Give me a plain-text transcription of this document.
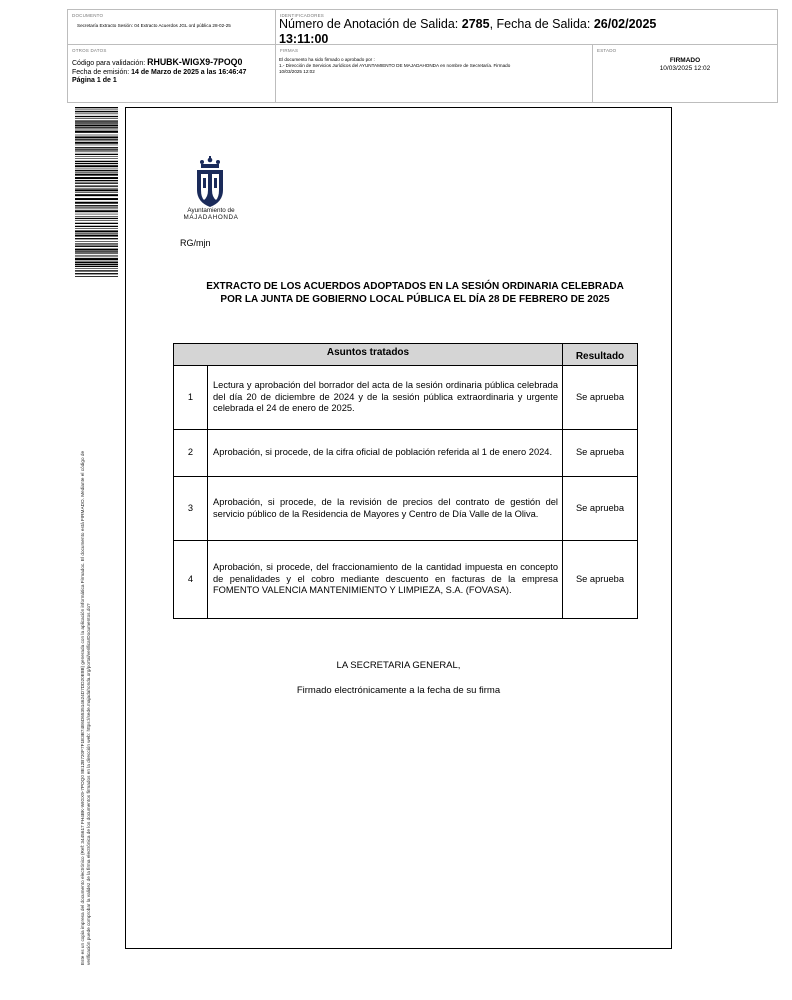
DOCUMENTO
Secretaría Extracto Sesión: 04 Extracto Acuerdos JGL ord pública 28-02-25
IDENTIFICADORES
Número de Anotación de Salida: 2785, Fecha de Salida: 26/02/2025
13:11:00
OTROS DATOS
Código para validación: RHUBK-WIGX9-7POQ0
Fecha de emisión: 14 de Marzo de 2025 a las 16:46:47
Página 1 de 1
FIRMAS
El documento ha sido firmado o aprobado por :
1.- Dirección de Servicios Jurídicos del AYUNTAMIENTO DE MAJADAHONDA en nombre de Secretaría. Firmado
10/03/2025 12:02
ESTADO
FIRMADO
10/03/2025 12:02
Este es un copia impresa del documento electrónico (Ref: 3445617 FH4BK-WIGX9-7POQ0 8E12B720F7F1E3B74E6D653514624D7DD20E8B) generada con la aplicación informática Firmadoc. El documento está FIRMADO. Mediante el código de
verificación puede comprobar la validez de la firma electrónica de los documentos firmados en la dirección web: https://sede.majadahonda.org/portal/verificarDocumentos.do?
Ayuntamiento de
MAJADAHONDA
RG/mjn
EXTRACTO DE LOS ACUERDOS ADOPTADOS EN LA SESIÓN ORDINARIA CELEBRADA
POR LA JUNTA DE GOBIERNO LOCAL PÚBLICA EL DÍA 28 DE FEBRERO DE 2025
Asuntos tratados		Resultado
1	Lectura y aprobación del borrador del acta de la sesión ordinaria pública celebrada del día 20 de diciembre de 2024 y de la sesión pública extraordinaria y urgente celebrada el 24 de enero de 2025.	Se aprueba
2	Aprobación, si procede, de la cifra oficial de población referida al 1 de enero 2024.	Se aprueba
3	Aprobación, si procede, de la revisión de precios del contrato de gestión del servicio público de la Residencia de Mayores y Centro de Día Valle de la Oliva.	Se aprueba
4	Aprobación, si procede, del fraccionamiento de la cantidad impuesta en concepto de penalidades y el cobro mediante descuento en facturas de la empresa FOMENTO VALENCIA MANTENIMIENTO Y LIMPIEZA, S.A. (FOVASA).	Se aprueba
LA SECRETARIA GENERAL,
Firmado electrónicamente a la fecha de su firma
